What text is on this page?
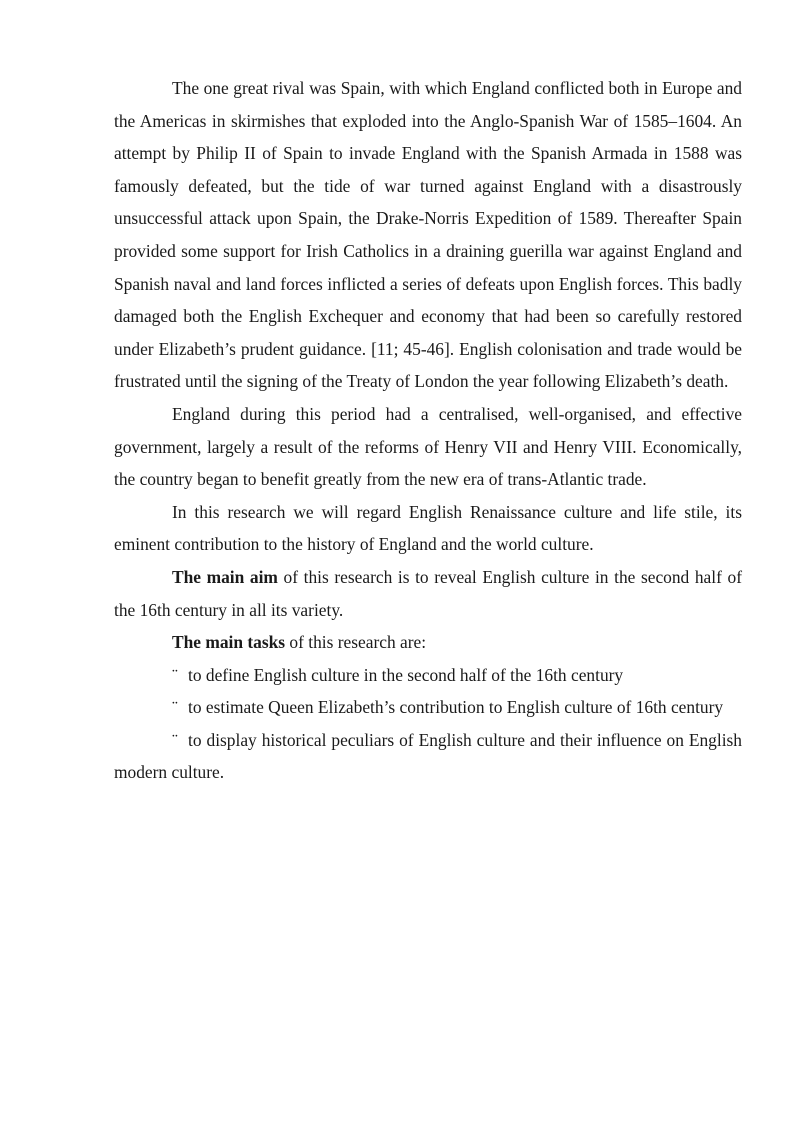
The one great rival was Spain, with which England conflicted both in Europe and the Americas in skirmishes that exploded into the Anglo-Spanish War of 1585–1604. An attempt by Philip II of Spain to invade England with the Spanish Armada in 1588 was famously defeated, but the tide of war turned against England with a disastrously unsuccessful attack upon Spain, the Drake-Norris Expedition of 1589. Thereafter Spain provided some support for Irish Catholics in a draining guerilla war against England and Spanish naval and land forces inflicted a series of defeats upon English forces. This badly damaged both the English Exchequer and economy that had been so carefully restored under Elizabeth’s prudent guidance. [11; 45-46]. English colonisation and trade would be frustrated until the signing of the Treaty of London the year following Elizabeth’s death.

England during this period had a centralised, well-organised, and effective government, largely a result of the reforms of Henry VII and Henry VIII. Economically, the country began to benefit greatly from the new era of trans-Atlantic trade.

In this research we will regard English Renaissance culture and life stile, its eminent contribution to the history of England and the world culture.

The main aim of this research is to reveal English culture in the second half of the 16th century in all its variety.

The main tasks of this research are:

¨ to define English culture in the second half of the 16th century

¨ to estimate Queen Elizabeth’s contribution to English culture of 16th century

¨ to display historical peculiars of English culture and their influence on English modern culture.
